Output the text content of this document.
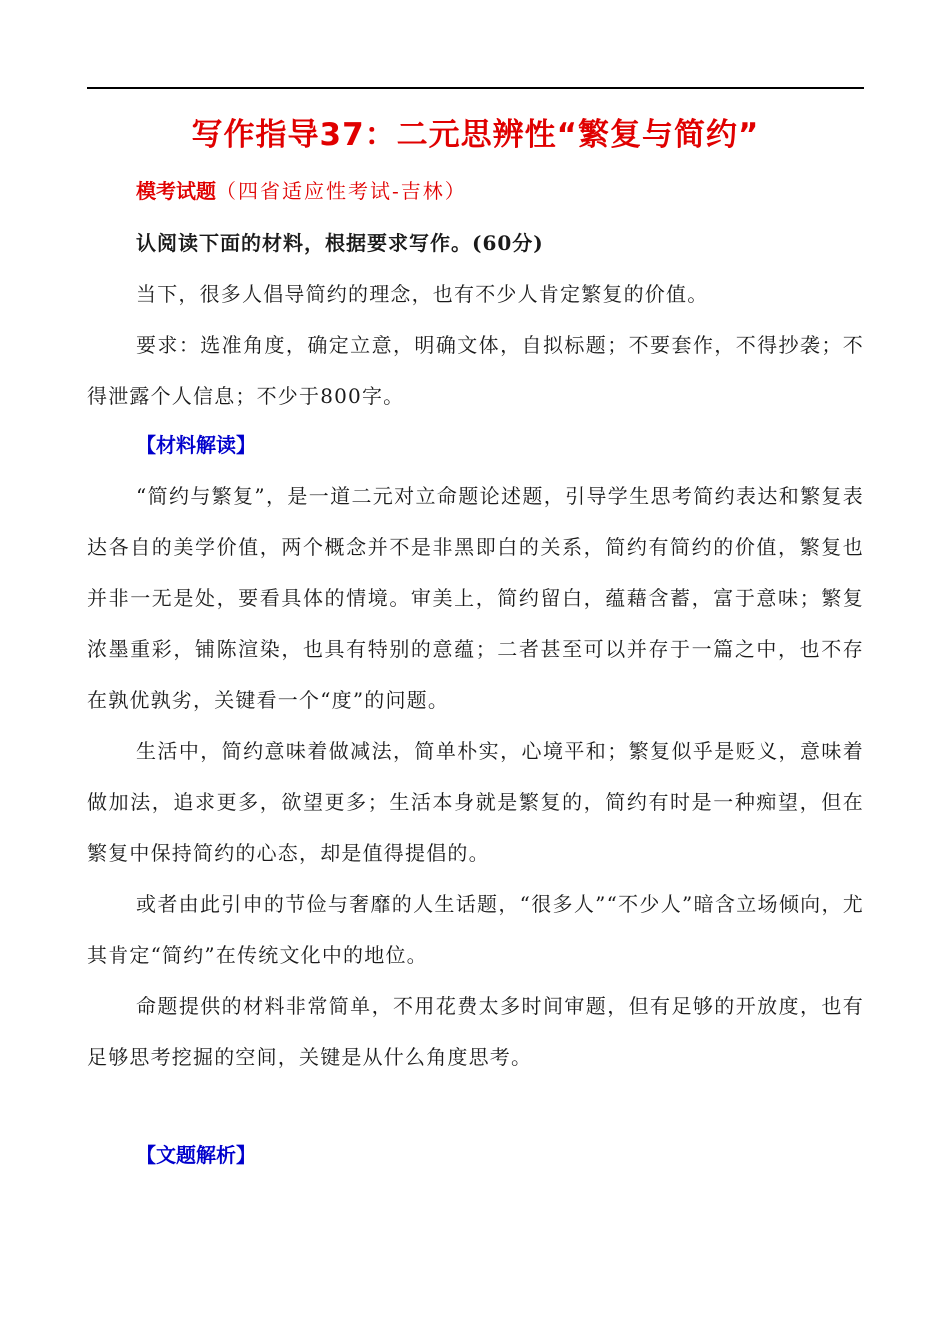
写作指导37：二元思辨性“繁复与简约”
模考试题（四省适应性考试-吉林）
认阅读下面的材料，根据要求写作。(60分)

当下，很多人倡导简约的理念，也有不少人肯定繁复的价值。

要求：选准角度，确定立意，明确文体，自拟标题；不要套作，不得抄袭；不得泄露个人信息；不少于800字。

【材料解读】

“简约与繁复”，是一道二元对立命题论述题，引导学生思考简约表达和繁复表达各自的美学价值，两个概念并不是非黑即白的关系，简约有简约的价值，繁复也并非一无是处，要看具体的情境。审美上，简约留白，蕴藉含蓄，富于意味；繁复浓墨重彩，铺陈渲染，也具有特别的意蕴；二者甚至可以并存于一篇之中，也不存在孰优孰劣，关键看一个“度”的问题。

生活中，简约意味着做减法，简单朴实，心境平和；繁复似乎是贬义，意味着做加法，追求更多，欲望更多；生活本身就是繁复的，简约有时是一种痴望，但在繁复中保持简约的心态，却是值得提倡的。

或者由此引申的节俭与奢靡的人生话题，“很多人”“不少人”暗含立场倾向，尤其肯定“简约”在传统文化中的地位。

命题提供的材料非常简单，不用花费太多时间审题，但有足够的开放度，也有足够思考挖掘的空间，关键是从什么角度思考。

【文题解析】
